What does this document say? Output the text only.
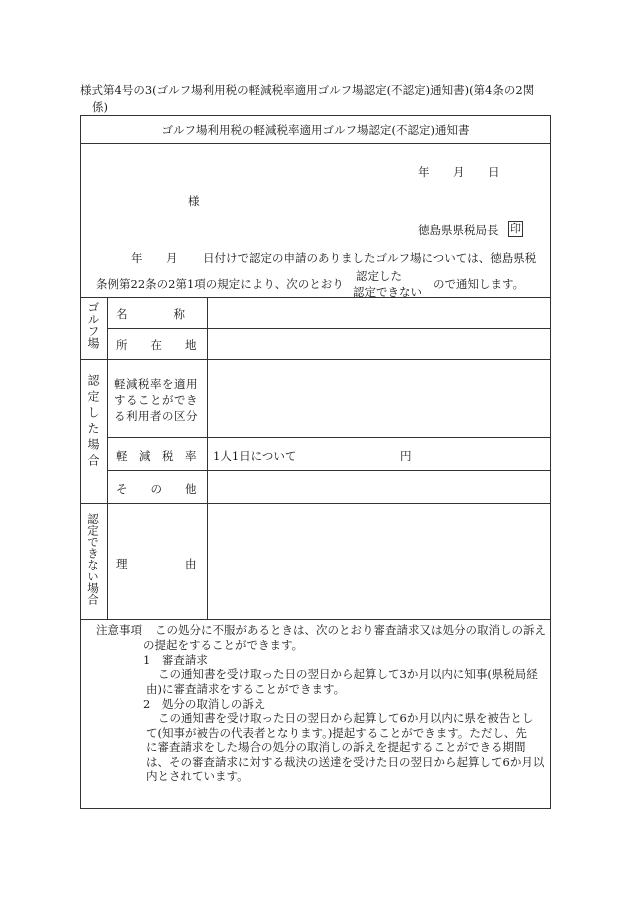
様式第4号の3(ゴルフ場利用税の軽減税率適用ゴルフ場認定(不認定)通知書)(第4条の2関
係)
ゴルフ場利用税の軽減税率適用ゴルフ場認定(不認定)通知書
年 月 日
様
徳島県県税局長 印
年 月 日付けで認定の申請のありましたゴルフ場については、徳島県税
条例第22条の2第1項の規定により、次のとおり
認定した
認定できない
ので通知します。
ゴルフ場 名　　　　称
所　　在　　地
認定した場合 軽減税率を適用
することができ
る利用者の区分
軽　減　税　率 1人1日について	円
そ　　の　　他
認定できない場合 理　　　　　由
注意事項 この処分に不服があるときは、次のとおり審査請求又は処分の取消しの訴え
の提起をすることができます。
1　審査請求
この通知書を受け取った日の翌日から起算して3か月以内に知事(県税局経
由)に審査請求をすることができます。
2　処分の取消しの訴え
この通知書を受け取った日の翌日から起算して6か月以内に県を被告とし
て(知事が被告の代表者となります。)提起することができます。ただし、先
に審査請求をした場合の処分の取消しの訴えを提起することができる期間
は、その審査請求に対する裁決の送達を受けた日の翌日から起算して6か月以
内とされています。
